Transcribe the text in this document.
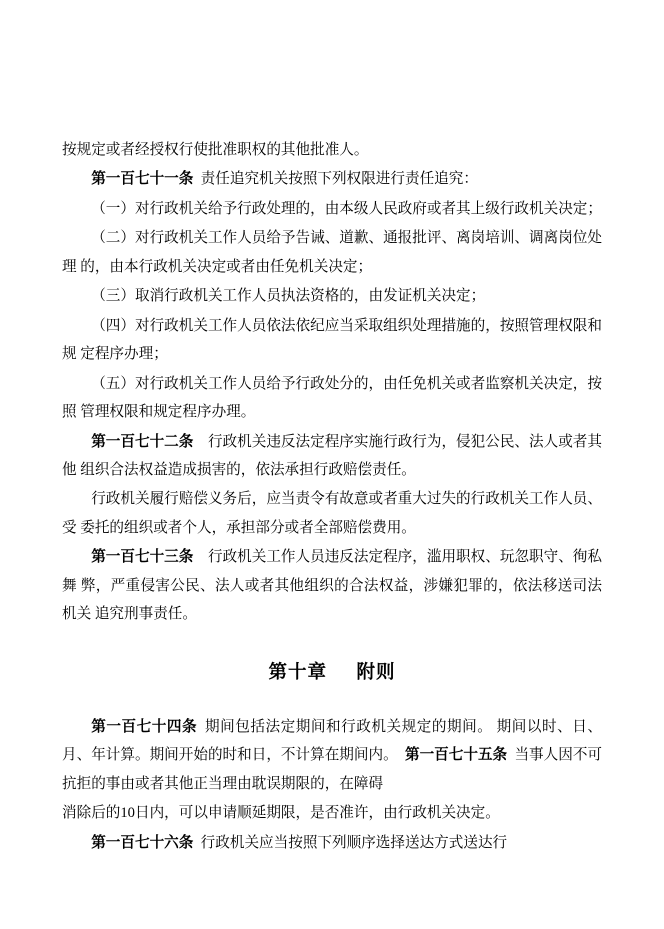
按规定或者经授权行使批准职权的其他批准人。

第一百七十一条 责任追究机关按照下列权限进行责任追究：

（一）对行政机关给予行政处理的，由本级人民政府或者其上级行政机关决定；

（二）对行政机关工作人员给予告诫、道歉、通报批评、离岗培训、调离岗位处理 的，由本行政机关决定或者由任免机关决定；

（三）取消行政机关工作人员执法资格的，由发证机关决定；

（四）对行政机关工作人员依法依纪应当采取组织处理措施的，按照管理权限和规 定程序办理；

（五）对行政机关工作人员给予行政处分的，由任免机关或者监察机关决定，按照 管理权限和规定程序办理。

第一百七十二条 行政机关违反法定程序实施行政行为，侵犯公民、法人或者其他 组织合法权益造成损害的，依法承担行政赔偿责任。

行政机关履行赔偿义务后，应当责令有故意或者重大过失的行政机关工作人员、受 委托的组织或者个人，承担部分或者全部赔偿费用。

第一百七十三条 行政机关工作人员违反法定程序，滥用职权、玩忽职守、徇私舞 弊，严重侵害公民、法人或者其他组织的合法权益，涉嫌犯罪的，依法移送司法机关 追究刑事责任。

第十章 附则

第一百七十四条 期间包括法定期间和行政机关规定的期间。 期间以时、日、月、年计算。期间开始的时和日，不计算在期间内。 第一百七十五条 当事人因不可抗拒的事由或者其他正当理由耽误期限的，在障碍

消除后的10日内，可以申请顺延期限，是否准许，由行政机关决定。

第一百七十六条 行政机关应当按照下列顺序选择送达方式送达行
